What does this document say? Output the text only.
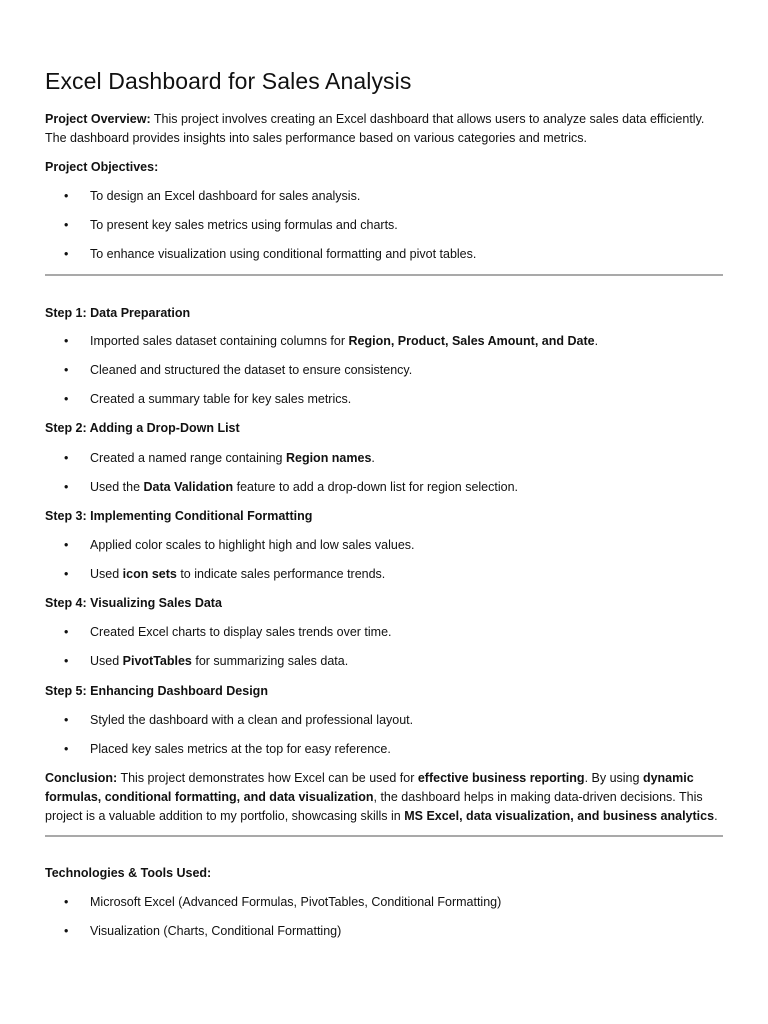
Excel Dashboard for Sales Analysis

Project Overview: This project involves creating an Excel dashboard that allows users to analyze sales data efficiently. The dashboard provides insights into sales performance based on various categories and metrics.

Project Objectives:

• To design an Excel dashboard for sales analysis.
• To present key sales metrics using formulas and charts.
• To enhance visualization using conditional formatting and pivot tables.

Step 1: Data Preparation

• Imported sales dataset containing columns for Region, Product, Sales Amount, and Date.
• Cleaned and structured the dataset to ensure consistency.
• Created a summary table for key sales metrics.

Step 2: Adding a Drop-Down List

• Created a named range containing Region names.
• Used the Data Validation feature to add a drop-down list for region selection.

Step 3: Implementing Conditional Formatting

• Applied color scales to highlight high and low sales values.
• Used icon sets to indicate sales performance trends.

Step 4: Visualizing Sales Data

• Created Excel charts to display sales trends over time.
• Used PivotTables for summarizing sales data.

Step 5: Enhancing Dashboard Design

• Styled the dashboard with a clean and professional layout.
• Placed key sales metrics at the top for easy reference.

Conclusion: This project demonstrates how Excel can be used for effective business reporting. By using dynamic formulas, conditional formatting, and data visualization, the dashboard helps in making data-driven decisions. This project is a valuable addition to my portfolio, showcasing skills in MS Excel, data visualization, and business analytics.

Technologies & Tools Used:

• Microsoft Excel (Advanced Formulas, PivotTables, Conditional Formatting)
• Visualization (Charts, Conditional Formatting)
